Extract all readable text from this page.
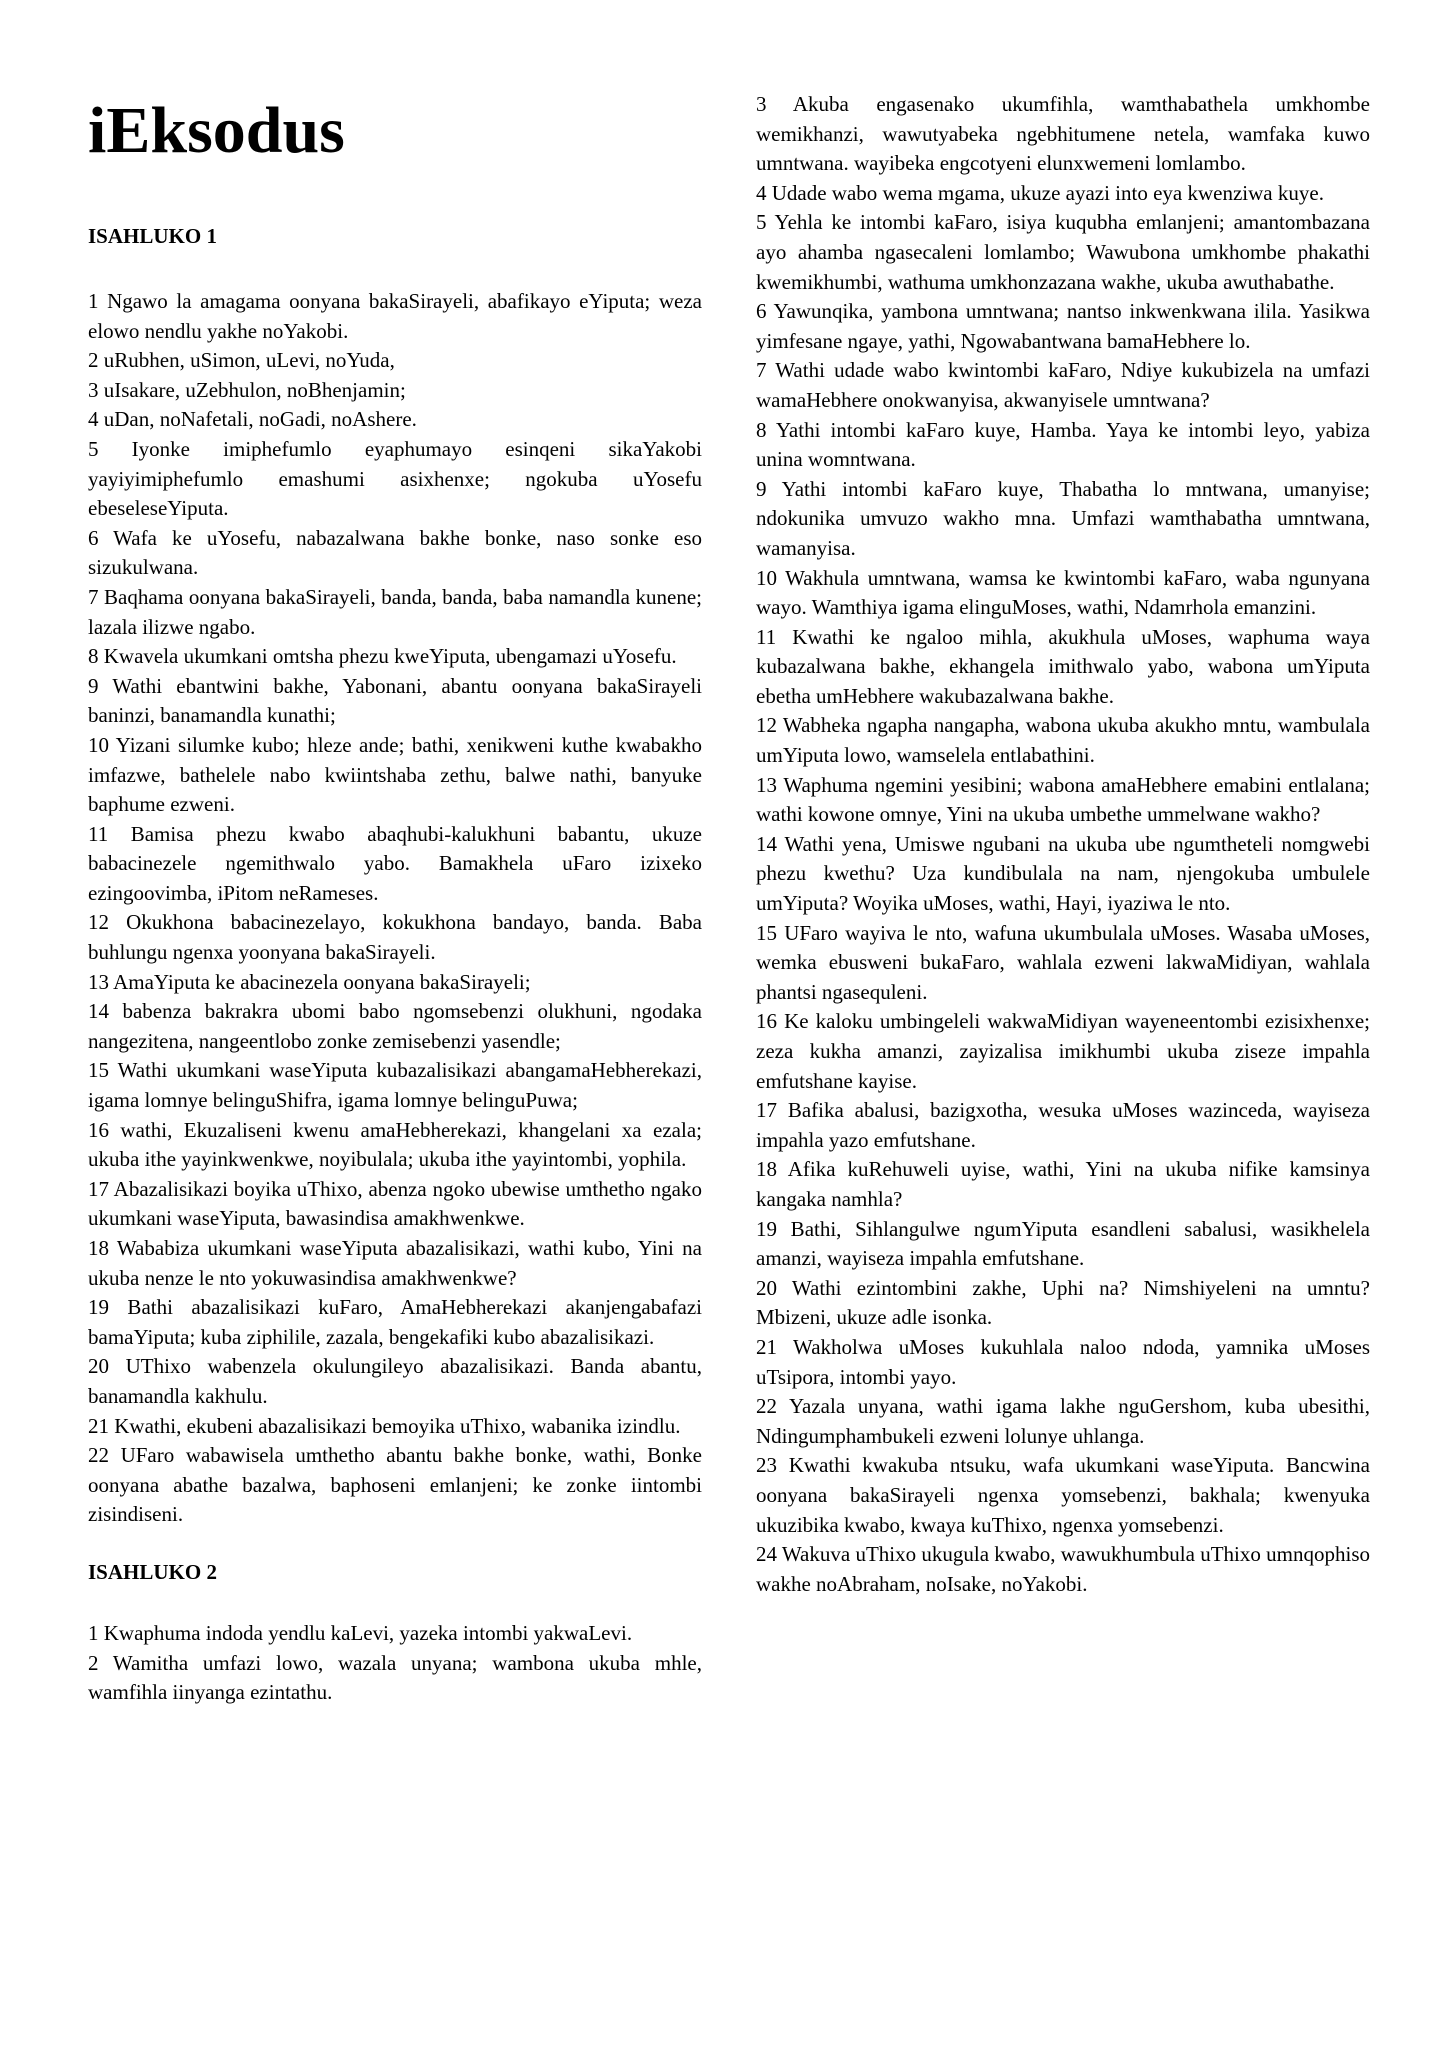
iEksodus
ISAHLUKO 1

1 Ngawo la amagama oonyana bakaSirayeli, abafikayo eYiputa; weza elowo nendlu yakhe noYakobi.

2 uRubhen, uSimon, uLevi, noYuda,

3 uIsakare, uZebhulon, noBhenjamin;

4 uDan, noNafetali, noGadi, noAshere.

5 Iyonke imiphefumlo eyaphumayo esinqeni sikaYakobi yayiyimiphefumlo emashumi asixhenxe; ngokuba uYosefu ebeseleseYiputa.

6 Wafa ke uYosefu, nabazalwana bakhe bonke, naso sonke eso sizukulwana.

7 Baqhama oonyana bakaSirayeli, banda, banda, baba namandla kunene; lazala ilizwe ngabo.

8 Kwavela ukumkani omtsha phezu kweYiputa, ubengamazi uYosefu.

9 Wathi ebantwini bakhe, Yabonani, abantu oonyana bakaSirayeli baninzi, banamandla kunathi;

10 Yizani silumke kubo; hleze ande; bathi, xenikweni kuthe kwabakho imfazwe, bathelele nabo kwiintshaba zethu, balwe nathi, banyuke baphume ezweni.

11 Bamisa phezu kwabo abaqhubi-kalukhuni babantu, ukuze babacinezele ngemithwalo yabo. Bamakhela uFaro izixeko ezingoovimba, iPitom neRameses.

12 Okukhona babacinezelayo, kokukhona bandayo, banda. Baba buhlungu ngenxa yoonyana bakaSirayeli.

13 AmaYiputa ke abacinezela oonyana bakaSirayeli;

14 babenza bakrakra ubomi babo ngomsebenzi olukhuni, ngodaka nangezitena, nangeentlobo zonke zemisebenzi yasendle;

15 Wathi ukumkani waseYiputa kubazalisikazi abangamaHebherekazi, igama lomnye belinguShifra, igama lomnye belinguPuwa;

16 wathi, Ekuzaliseni kwenu amaHebherekazi, khangelani xa ezala; ukuba ithe yayinkwenkwe, noyibulala; ukuba ithe yayintombi, yophila.

17 Abazalisikazi boyika uThixo, abenza ngoko ubewise umthetho ngako ukumkani waseYiputa, bawasindisa amakhwenkwe.

18 Wababiza ukumkani waseYiputa abazalisikazi, wathi kubo, Yini na ukuba nenze le nto yokuwasindisa amakhwenkwe?

19 Bathi abazalisikazi kuFaro, AmaHebherekazi akanjengabafazi bamaYiputa; kuba ziphilile, zazala, bengekafiki kubo abazalisikazi.

20 UThixo wabenzela okulungileyo abazalisikazi. Banda abantu, banamandla kakhulu.

21 Kwathi, ekubeni abazalisikazi bemoyika uThixo, wabanika izindlu.

22 UFaro wabawisela umthetho abantu bakhe bonke, wathi, Bonke oonyana abathe bazalwa, baphoseni emlanjeni; ke zonke iintombi zisindiseni.

ISAHLUKO 2

1 Kwaphuma indoda yendlu kaLevi, yazeka intombi yakwaLevi.

2 Wamitha umfazi lowo, wazala unyana; wambona ukuba mhle, wamfihla iinyanga ezintathu.

3 Akuba engasenako ukumfihla, wamthabathela umkhombe wemikhanzi, wawutyabeka ngebhitumene netela, wamfaka kuwo umntwana. wayibeka engcotyeni elunxwemeni lomlambo.

4 Udade wabo wema mgama, ukuze ayazi into eya kwenziwa kuye.

5 Yehla ke intombi kaFaro, isiya kuqubha emlanjeni; amantombazana ayo ahamba ngasecaleni lomlambo; Wawubona umkhombe phakathi kwemikhumbi, wathuma umkhonzazana wakhe, ukuba awuthabathe.

6 Yawunqika, yambona umntwana; nantso inkwenkwana ilila. Yasikwa yimfesane ngaye, yathi, Ngowabantwana bamaHebhere lo.

7 Wathi udade wabo kwintombi kaFaro, Ndiye kukubizela na umfazi wamaHebhere onokwanyisa, akwanyisele umntwana?

8 Yathi intombi kaFaro kuye, Hamba. Yaya ke intombi leyo, yabiza unina womntwana.

9 Yathi intombi kaFaro kuye, Thabatha lo mntwana, umanyise; ndokunika umvuzo wakho mna. Umfazi wamthabatha umntwana, wamanyisa.

10 Wakhula umntwana, wamsa ke kwintombi kaFaro, waba ngunyana wayo. Wamthiya igama elinguMoses, wathi, Ndamrhola emanzini.

11 Kwathi ke ngaloo mihla, akukhula uMoses, waphuma waya kubazalwana bakhe, ekhangela imithwalo yabo, wabona umYiputa ebetha umHebhere wakubazalwana bakhe.

12 Wabheka ngapha nangapha, wabona ukuba akukho mntu, wambulala umYiputa lowo, wamselela entlabathini.

13 Waphuma ngemini yesibini; wabona amaHebhere emabini entlalana; wathi kowone omnye, Yini na ukuba umbethe ummelwane wakho?

14 Wathi yena, Umiswe ngubani na ukuba ube ngumtheteli nomgwebi phezu kwethu? Uza kundibulala na nam, njengokuba umbulele umYiputa? Woyika uMoses, wathi, Hayi, iyaziwa le nto.

15 UFaro wayiva le nto, wafuna ukumbulala uMoses. Wasaba uMoses, wemka ebusweni bukaFaro, wahlala ezweni lakwaMidiyan, wahlala phantsi ngasequleni.

16 Ke kaloku umbingeleli wakwaMidiyan wayeneentombi ezisixhenxe; zeza kukha amanzi, zayizalisa imikhumbi ukuba ziseze impahla emfutshane kayise.

17 Bafika abalusi, bazigxotha, wesuka uMoses wazinceda, wayiseza impahla yazo emfutshane.

18 Afika kuRehuweli uyise, wathi, Yini na ukuba nifike kamsinya kangaka namhla?

19 Bathi, Sihlangulwe ngumYiputa esandleni sabalusi, wasikhelela amanzi, wayiseza impahla emfutshane.

20 Wathi ezintombini zakhe, Uphi na? Nimshiyeleni na umntu? Mbizeni, ukuze adle isonka.

21 Wakholwa uMoses kukuhlala naloo ndoda, yamnika uMoses uTsipora, intombi yayo.

22 Yazala unyana, wathi igama lakhe nguGershom, kuba ubesithi, Ndingumphambukeli ezweni lolunye uhlanga.

23 Kwathi kwakuba ntsuku, wafa ukumkani waseYiputa. Bancwina oonyana bakaSirayeli ngenxa yomsebenzi, bakhala; kwenyuka ukuzibika kwabo, kwaya kuThixo, ngenxa yomsebenzi.

24 Wakuva uThixo ukugula kwabo, wawukhumbula uThixo umnqophiso wakhe noAbraham, noIsake, noYakobi.
